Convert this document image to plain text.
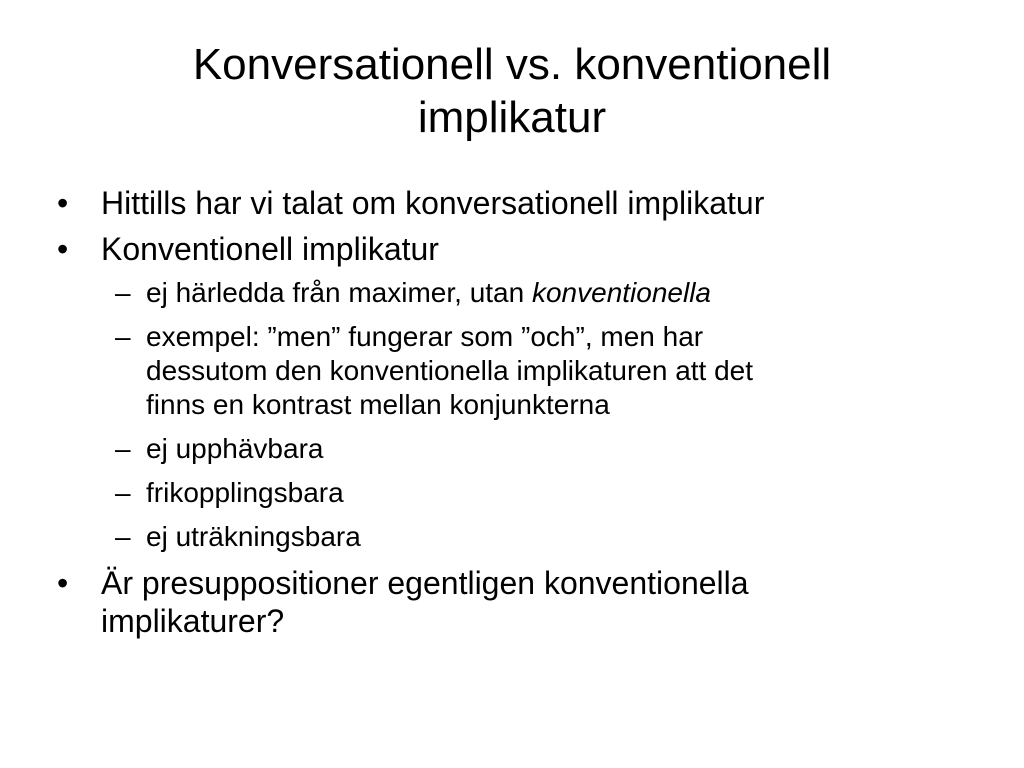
Konversationell vs. konventionell
implikatur
• Hittills har vi talat om konversationell implikatur
• Konventionell implikatur
– ej härledda från maximer, utan konventionella
– exempel: ”men” fungerar som ”och”, men har
dessutom den konventionella implikaturen att det
finns en kontrast mellan konjunkterna
– ej upphävbara
– frikopplingsbara
– ej uträkningsbara
• Är presuppositioner egentligen konventionella
implikaturer?
